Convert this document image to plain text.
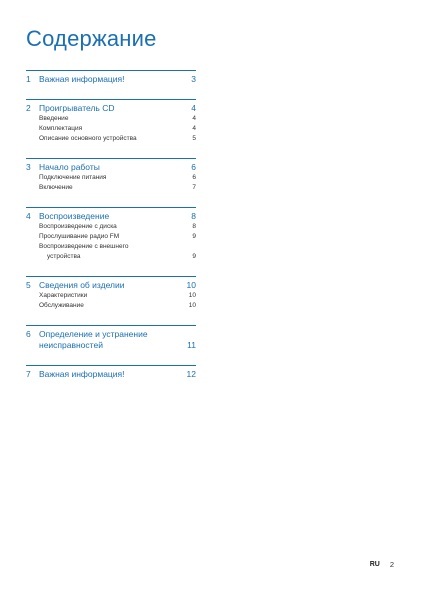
Содержание
1 Важная информация!	3
2 Проигрыватель CD	4
Введение	4
Комплектация	4
Описание основного устройства	5
3 Начало работы	6
Подключение питания	6
Включение	7
4 Воспроизведение	8
Воспроизведение с диска	8
Прослушивание радио FM	9
Воспроизведение с внешнего
устройства	9
5 Сведения об изделии	10
Характеристики	10
Обслуживание	10
6 Определение и устранение неисправностей	11
7 Важная информация!	12
RU 2
